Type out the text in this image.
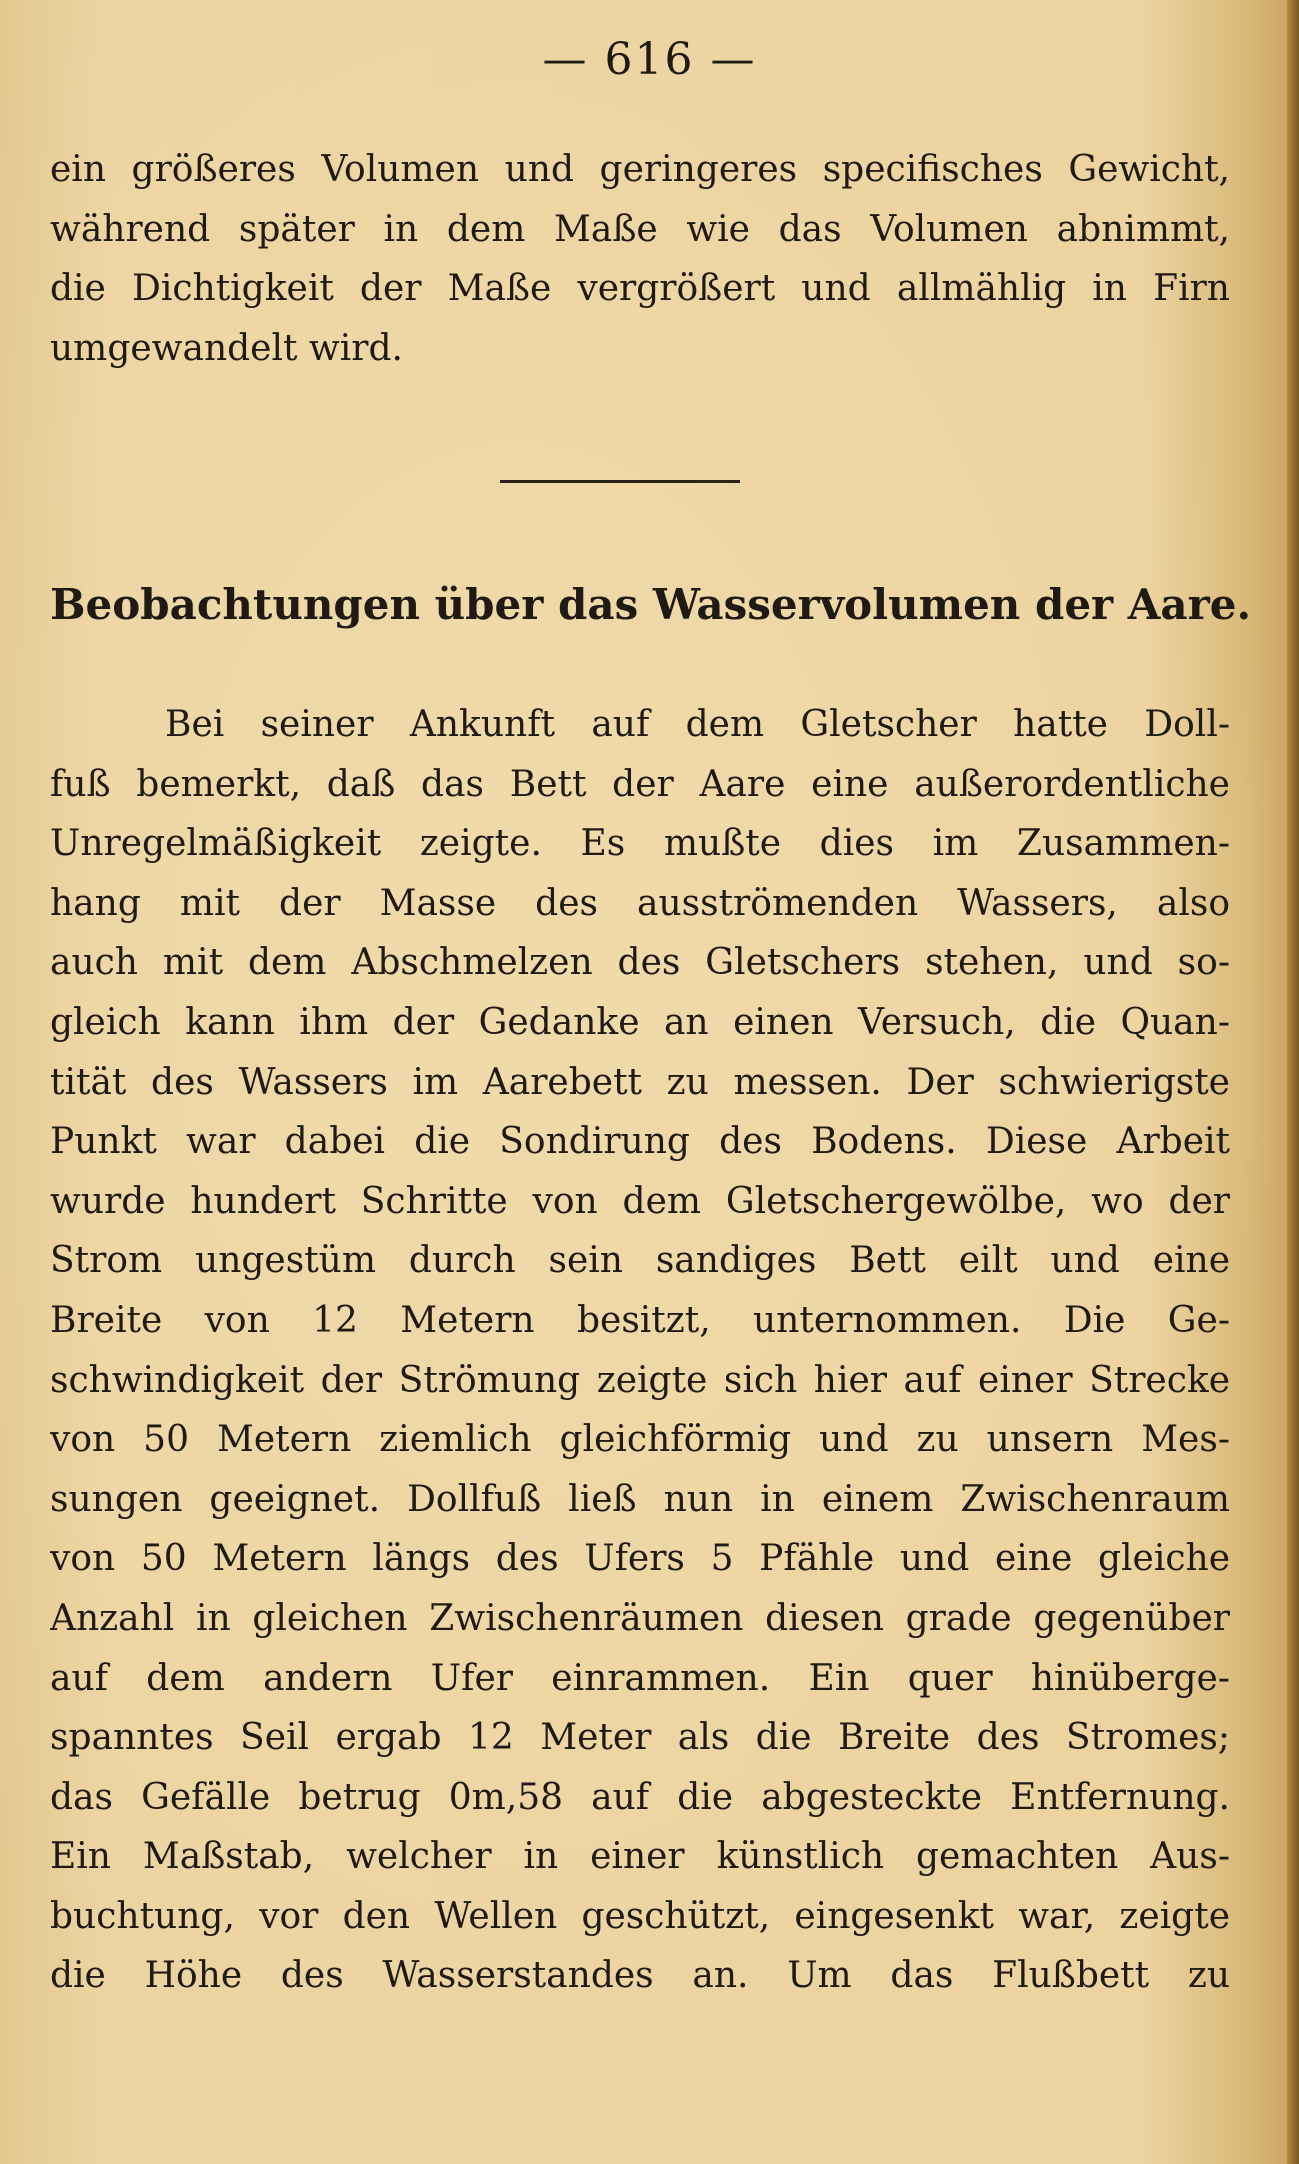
— 616 —
ein größeres Volumen und geringeres specifisches Gewicht,
während später in dem Maße wie das Volumen abnimmt,
die Dichtigkeit der Maße vergrößert und allmählig in Firn
umgewandelt wird.
Beobachtungen über das Wasservolumen der Aare.
Bei seiner Ankunft auf dem Gletscher hatte Doll-
fuß bemerkt, daß das Bett der Aare eine außerordentliche
Unregelmäßigkeit zeigte. Es mußte dies im Zusammen-
hang mit der Masse des ausströmenden Wassers, also
auch mit dem Abschmelzen des Gletschers stehen, und so-
gleich kann ihm der Gedanke an einen Versuch, die Quan-
tität des Wassers im Aarebett zu messen. Der schwierigste
Punkt war dabei die Sondirung des Bodens. Diese Arbeit
wurde hundert Schritte von dem Gletschergewölbe, wo der
Strom ungestüm durch sein sandiges Bett eilt und eine
Breite von 12 Metern besitzt, unternommen. Die Ge-
schwindigkeit der Strömung zeigte sich hier auf einer Strecke
von 50 Metern ziemlich gleichförmig und zu unsern Mes-
sungen geeignet. Dollfuß ließ nun in einem Zwischenraum
von 50 Metern längs des Ufers 5 Pfähle und eine gleiche
Anzahl in gleichen Zwischenräumen diesen grade gegenüber
auf dem andern Ufer einrammen. Ein quer hinüberge-
spanntes Seil ergab 12 Meter als die Breite des Stromes;
das Gefälle betrug 0m,58 auf die abgesteckte Entfernung.
Ein Maßstab, welcher in einer künstlich gemachten Aus-
buchtung, vor den Wellen geschützt, eingesenkt war, zeigte
die Höhe des Wasserstandes an. Um das Flußbett zu
